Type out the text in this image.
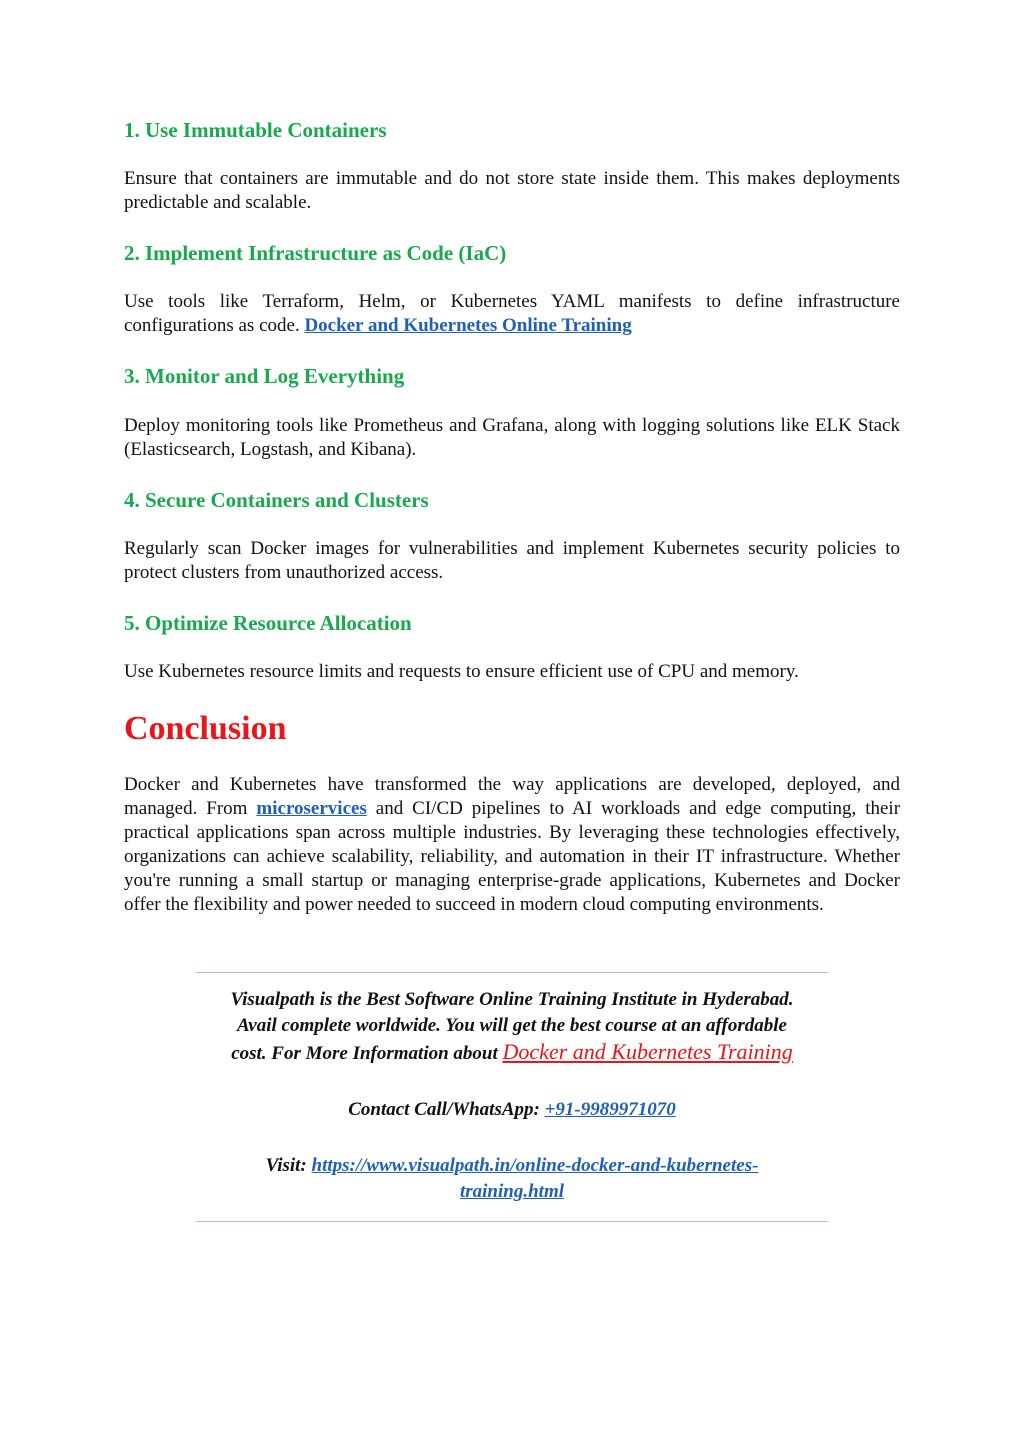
1. Use Immutable Containers

Ensure that containers are immutable and do not store state inside them. This makes deployments predictable and scalable.

2. Implement Infrastructure as Code (IaC)

Use tools like Terraform, Helm, or Kubernetes YAML manifests to define infrastructure configurations as code. Docker and Kubernetes Online Training

3. Monitor and Log Everything

Deploy monitoring tools like Prometheus and Grafana, along with logging solutions like ELK Stack (Elasticsearch, Logstash, and Kibana).

4. Secure Containers and Clusters

Regularly scan Docker images for vulnerabilities and implement Kubernetes security policies to protect clusters from unauthorized access.

5. Optimize Resource Allocation

Use Kubernetes resource limits and requests to ensure efficient use of CPU and memory.

Conclusion

Docker and Kubernetes have transformed the way applications are developed, deployed, and managed. From microservices and CI/CD pipelines to AI workloads and edge computing, their practical applications span across multiple industries. By leveraging these technologies effectively, organizations can achieve scalability, reliability, and automation in their IT infrastructure. Whether you're running a small startup or managing enterprise-grade applications, Kubernetes and Docker offer the flexibility and power needed to succeed in modern cloud computing environments.

Visualpath is the Best Software Online Training Institute in Hyderabad.

Avail complete worldwide. You will get the best course at an affordable

cost. For More Information about Docker and Kubernetes Training

Contact Call/WhatsApp: +91-9989971070

Visit: https://www.visualpath.in/online-docker-and-kubernetes-
training.html
